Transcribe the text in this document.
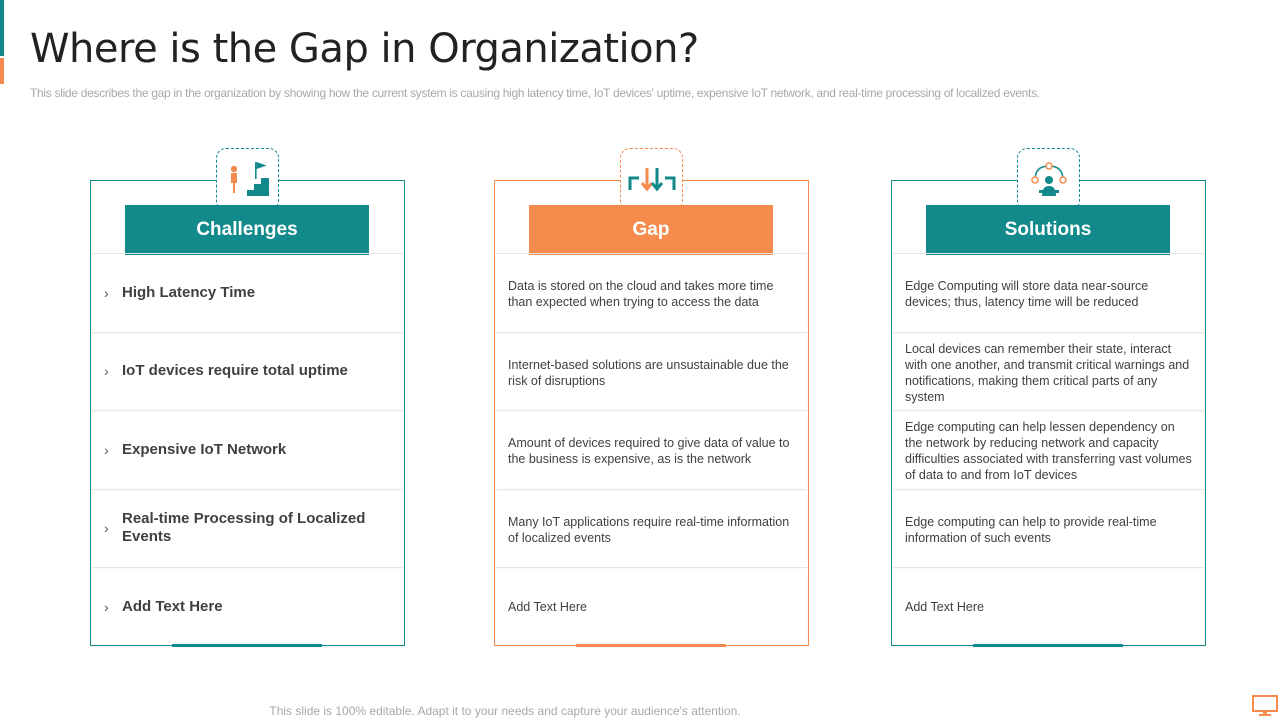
Where is the Gap in Organization?

This slide describes the gap in the organization by showing how the current system is causing high latency time, IoT devices' uptime, expensive IoT network, and real-time processing of localized events.

Challenges
› High Latency Time
› IoT devices require total uptime
› Expensive IoT Network
›
Real-time Processing of Localized Events
› Add Text Here
Gap
Data is stored on the cloud and takes more time than expected when trying to access the data
Internet-based solutions are unsustainable due the risk of disruptions
Amount of devices required to give data of value to the business is expensive, as is the network
Many IoT applications require real-time information of localized events
Add Text Here
Solutions
Edge Computing will store data near-source devices; thus, latency time will be reduced
Local devices can remember their state, interact with one another, and transmit critical warnings and notifications, making them critical parts of any system
Edge computing can help lessen dependency on the network by reducing network and capacity difficulties associated with transferring vast volumes of data to and from IoT devices
Edge computing can help to provide real-time information of such events
Add Text Here

This slide is 100% editable. Adapt it to your needs and capture your audience's attention.
